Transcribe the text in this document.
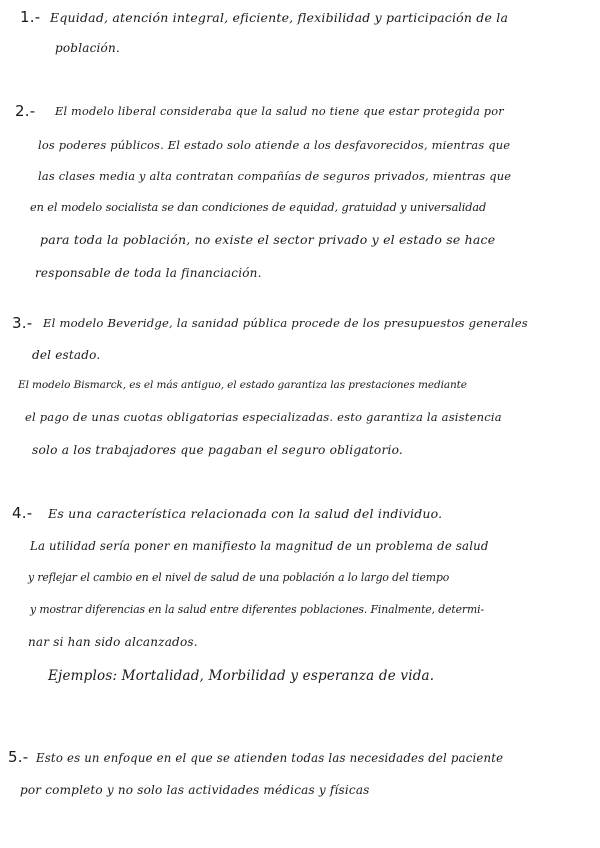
1.- Equidad, atención integral, eficiente, flexibilidad y participación de la
población.
2.- El modelo liberal consideraba que la salud no tiene que estar protegida por
los poderes públicos. El estado solo atiende a los desfavorecidos, mientras que
las clases media y alta contratan compañías de seguros privados, mientras que
en el modelo socialista se dan condiciones de equidad, gratuidad y universalidad
para toda la población, no existe el sector privado y el estado se hace
responsable de toda la financiación.
3.- El modelo Beveridge, la sanidad pública procede de los presupuestos generales
del estado.
El modelo Bismarck, es el más antiguo, el estado garantiza las prestaciones mediante
el pago de unas cuotas obligatorias especializadas. esto garantiza la asistencia
solo a los trabajadores que pagaban el seguro obligatorio.
4.- Es una característica relacionada con la salud del individuo.
La utilidad sería poner en manifiesto la magnitud de un problema de salud
y reflejar el cambio en el nivel de salud de una población a lo largo del tiempo
y mostrar diferencias en la salud entre diferentes poblaciones. Finalmente, determi-
nar si han sido alcanzados.
Ejemplos: Mortalidad, Morbilidad y esperanza de vida.
5.- Esto es un enfoque en el que se atienden todas las necesidades del paciente
por completo y no solo las actividades médicas y físicas
